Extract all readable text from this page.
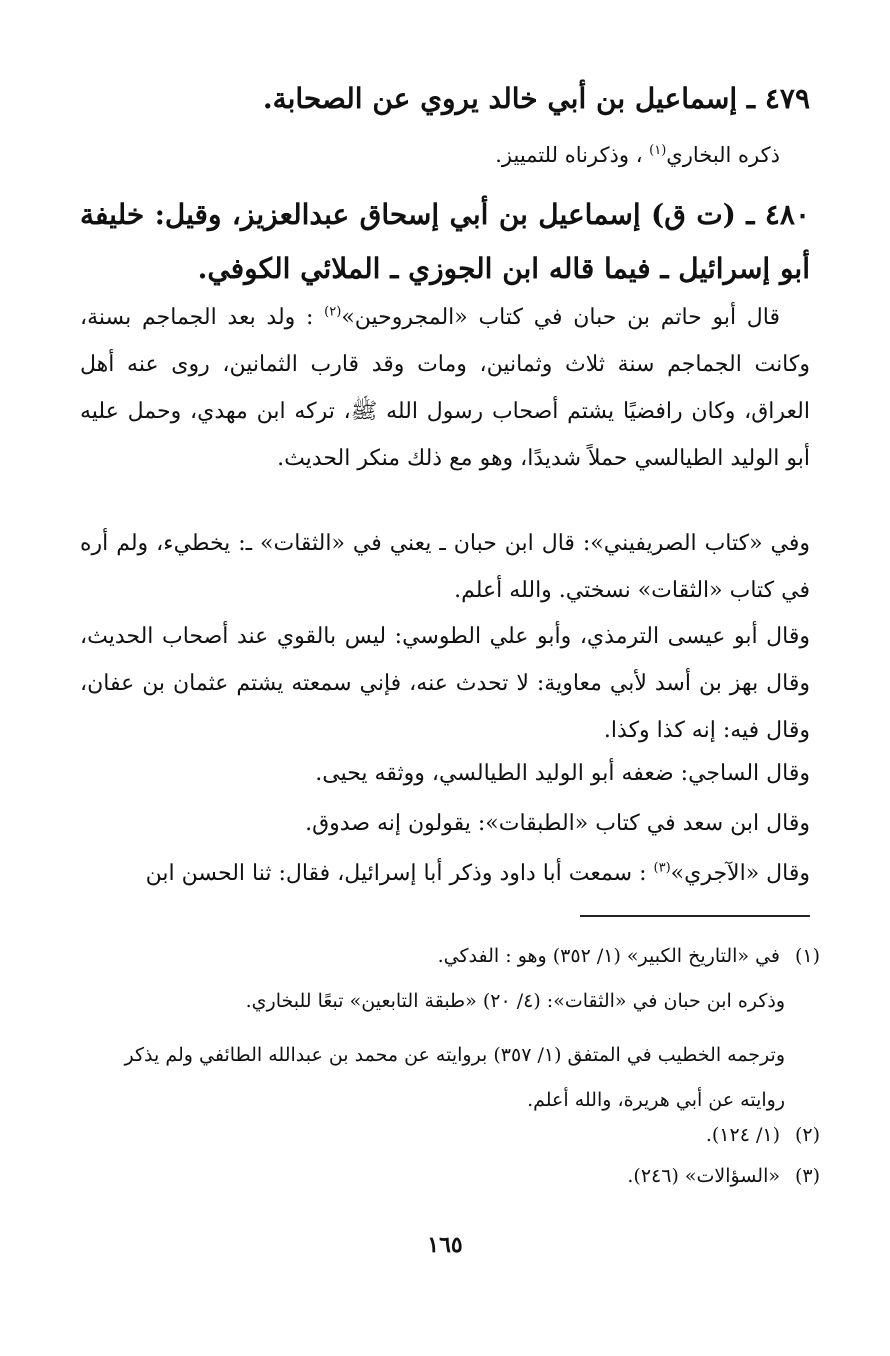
٤٧٩ ـ إسماعيل بن أبي خالد يروي عن الصحابة.
ذكره البخاري$^{(١)}$ ، وذكرناه للتمييز.
٤٨٠ ـ (ت ق) إسماعيل بن أبي إسحاق عبدالعزيز، وقيل: خليفة أبو إسرائيل ـ فيما قاله ابن الجوزي ـ الملائي الكوفي.
قال أبو حاتم بن حبان في كتاب «المجروحين»$^{(٢)}$ : ولد بعد الجماجم بسنة، وكانت الجماجم سنة ثلاث وثمانين، ومات وقد قارب الثمانين، روى عنه أهل العراق، وكان رافضيًا يشتم أصحاب رسول الله ﷺ، تركه ابن مهدي، وحمل عليه أبو الوليد الطيالسي حملاً شديدًا، وهو مع ذلك منكر الحديث.
وفي «كتاب الصريفيني»: قال ابن حبان ـ يعني في «الثقات» ـ: يخطيء، ولم أره في كتاب «الثقات» نسختي. والله أعلم.
وقال أبو عيسى الترمذي، وأبو علي الطوسي: ليس بالقوي عند أصحاب الحديث، وقال بهز بن أسد لأبي معاوية: لا تحدث عنه، فإني سمعته يشتم عثمان بن عفان، وقال فيه: إنه كذا وكذا.
وقال الساجي: ضعفه أبو الوليد الطيالسي، ووثقه يحيى.
وقال ابن سعد في كتاب «الطبقات»: يقولون إنه صدوق.
وقال «الآجري»$^{(٣)}$ : سمعت أبا داود وذكر أبا إسرائيل، فقال: ثنا الحسن ابن
(١)في «التاريخ الكبير» (١/ ٣٥٢) وهو : الفدكي.
وذكره ابن حبان في «الثقات»: (٤/ ٢٠) «طبقة التابعين» تبعًا للبخاري.
وترجمه الخطيب في المتفق (١/ ٣٥٧) بروايته عن محمد بن عبدالله الطائفي ولم يذكر روايته عن أبي هريرة، والله أعلم.
(٢)(١/ ١٢٤).
(٣)«السؤالات» (٢٤٦).
١٦٥
